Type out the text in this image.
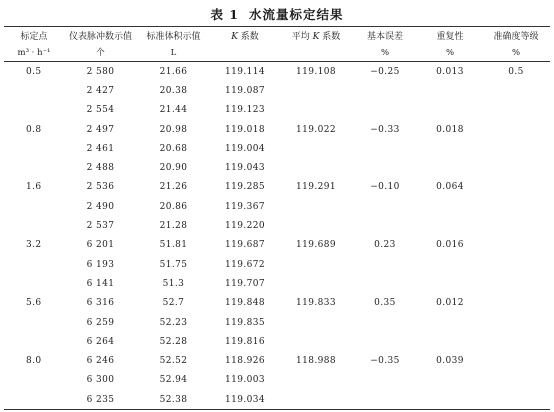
表 1 水流量标定结果
标定点	仪表脉冲数示值	标准体积示值	K 系数	平均 K 系数	基本误差	重复性	准确度等级
m³ · h⁻¹	个	L			%	%	%
0.5	2 580	21.66	119.114	119.108	−0.25	0.013	0.5
	2 427	20.38	119.087				
	2 554	21.44	119.123				
0.8	2 497	20.98	119.018	119.022	−0.33	0.018	
	2 461	20.68	119.004				
	2 488	20.90	119.043				
1.6	2 536	21.26	119.285	119.291	−0.10	0.064	
	2 490	20.86	119.367				
	2 537	21.28	119.220				
3.2	6 201	51.81	119.687	119.689	0.23	0.016	
	6 193	51.75	119.672				
	6 141	51.3	119.707				
5.6	6 316	52.7	119.848	119.833	0.35	0.012	
	6 259	52.23	119.835				
	6 264	52.28	119.816				
8.0	6 246	52.52	118.926	118.988	−0.35	0.039	
	6 300	52.94	119.003				
	6 235	52.38	119.034				
